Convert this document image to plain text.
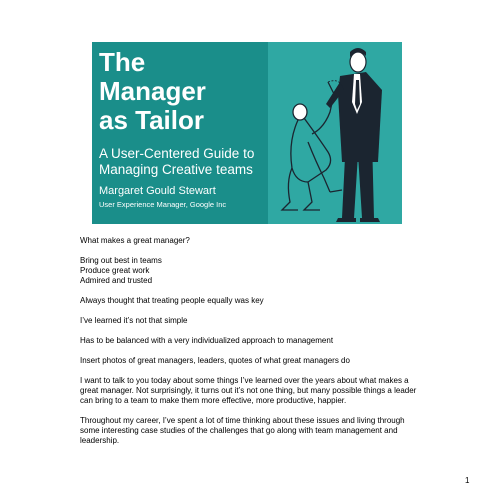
The
Manager
as Tailor
A User-Centered Guide to
Managing Creative teams
Margaret Gould Stewart
User Experience Manager, Google Inc

What makes a great manager?

Bring out best in teams

Produce great work

Admired and trusted

Always thought that treating people equally was key

I’ve learned it’s not that simple

Has to be balanced with a very individualized approach to management

Insert photos of great managers, leaders, quotes of what great managers do

I want to talk to you today about some things I’ve learned over the years about what makes a great manager. Not surprisingly, it turns out it’s not one thing, but many possible things a leader can bring to a team to make them more effective, more productive, happier.

Throughout my career, I’ve spent a lot of time thinking about these issues and living through some interesting case studies of the challenges that go along with team management and leadership.

1
